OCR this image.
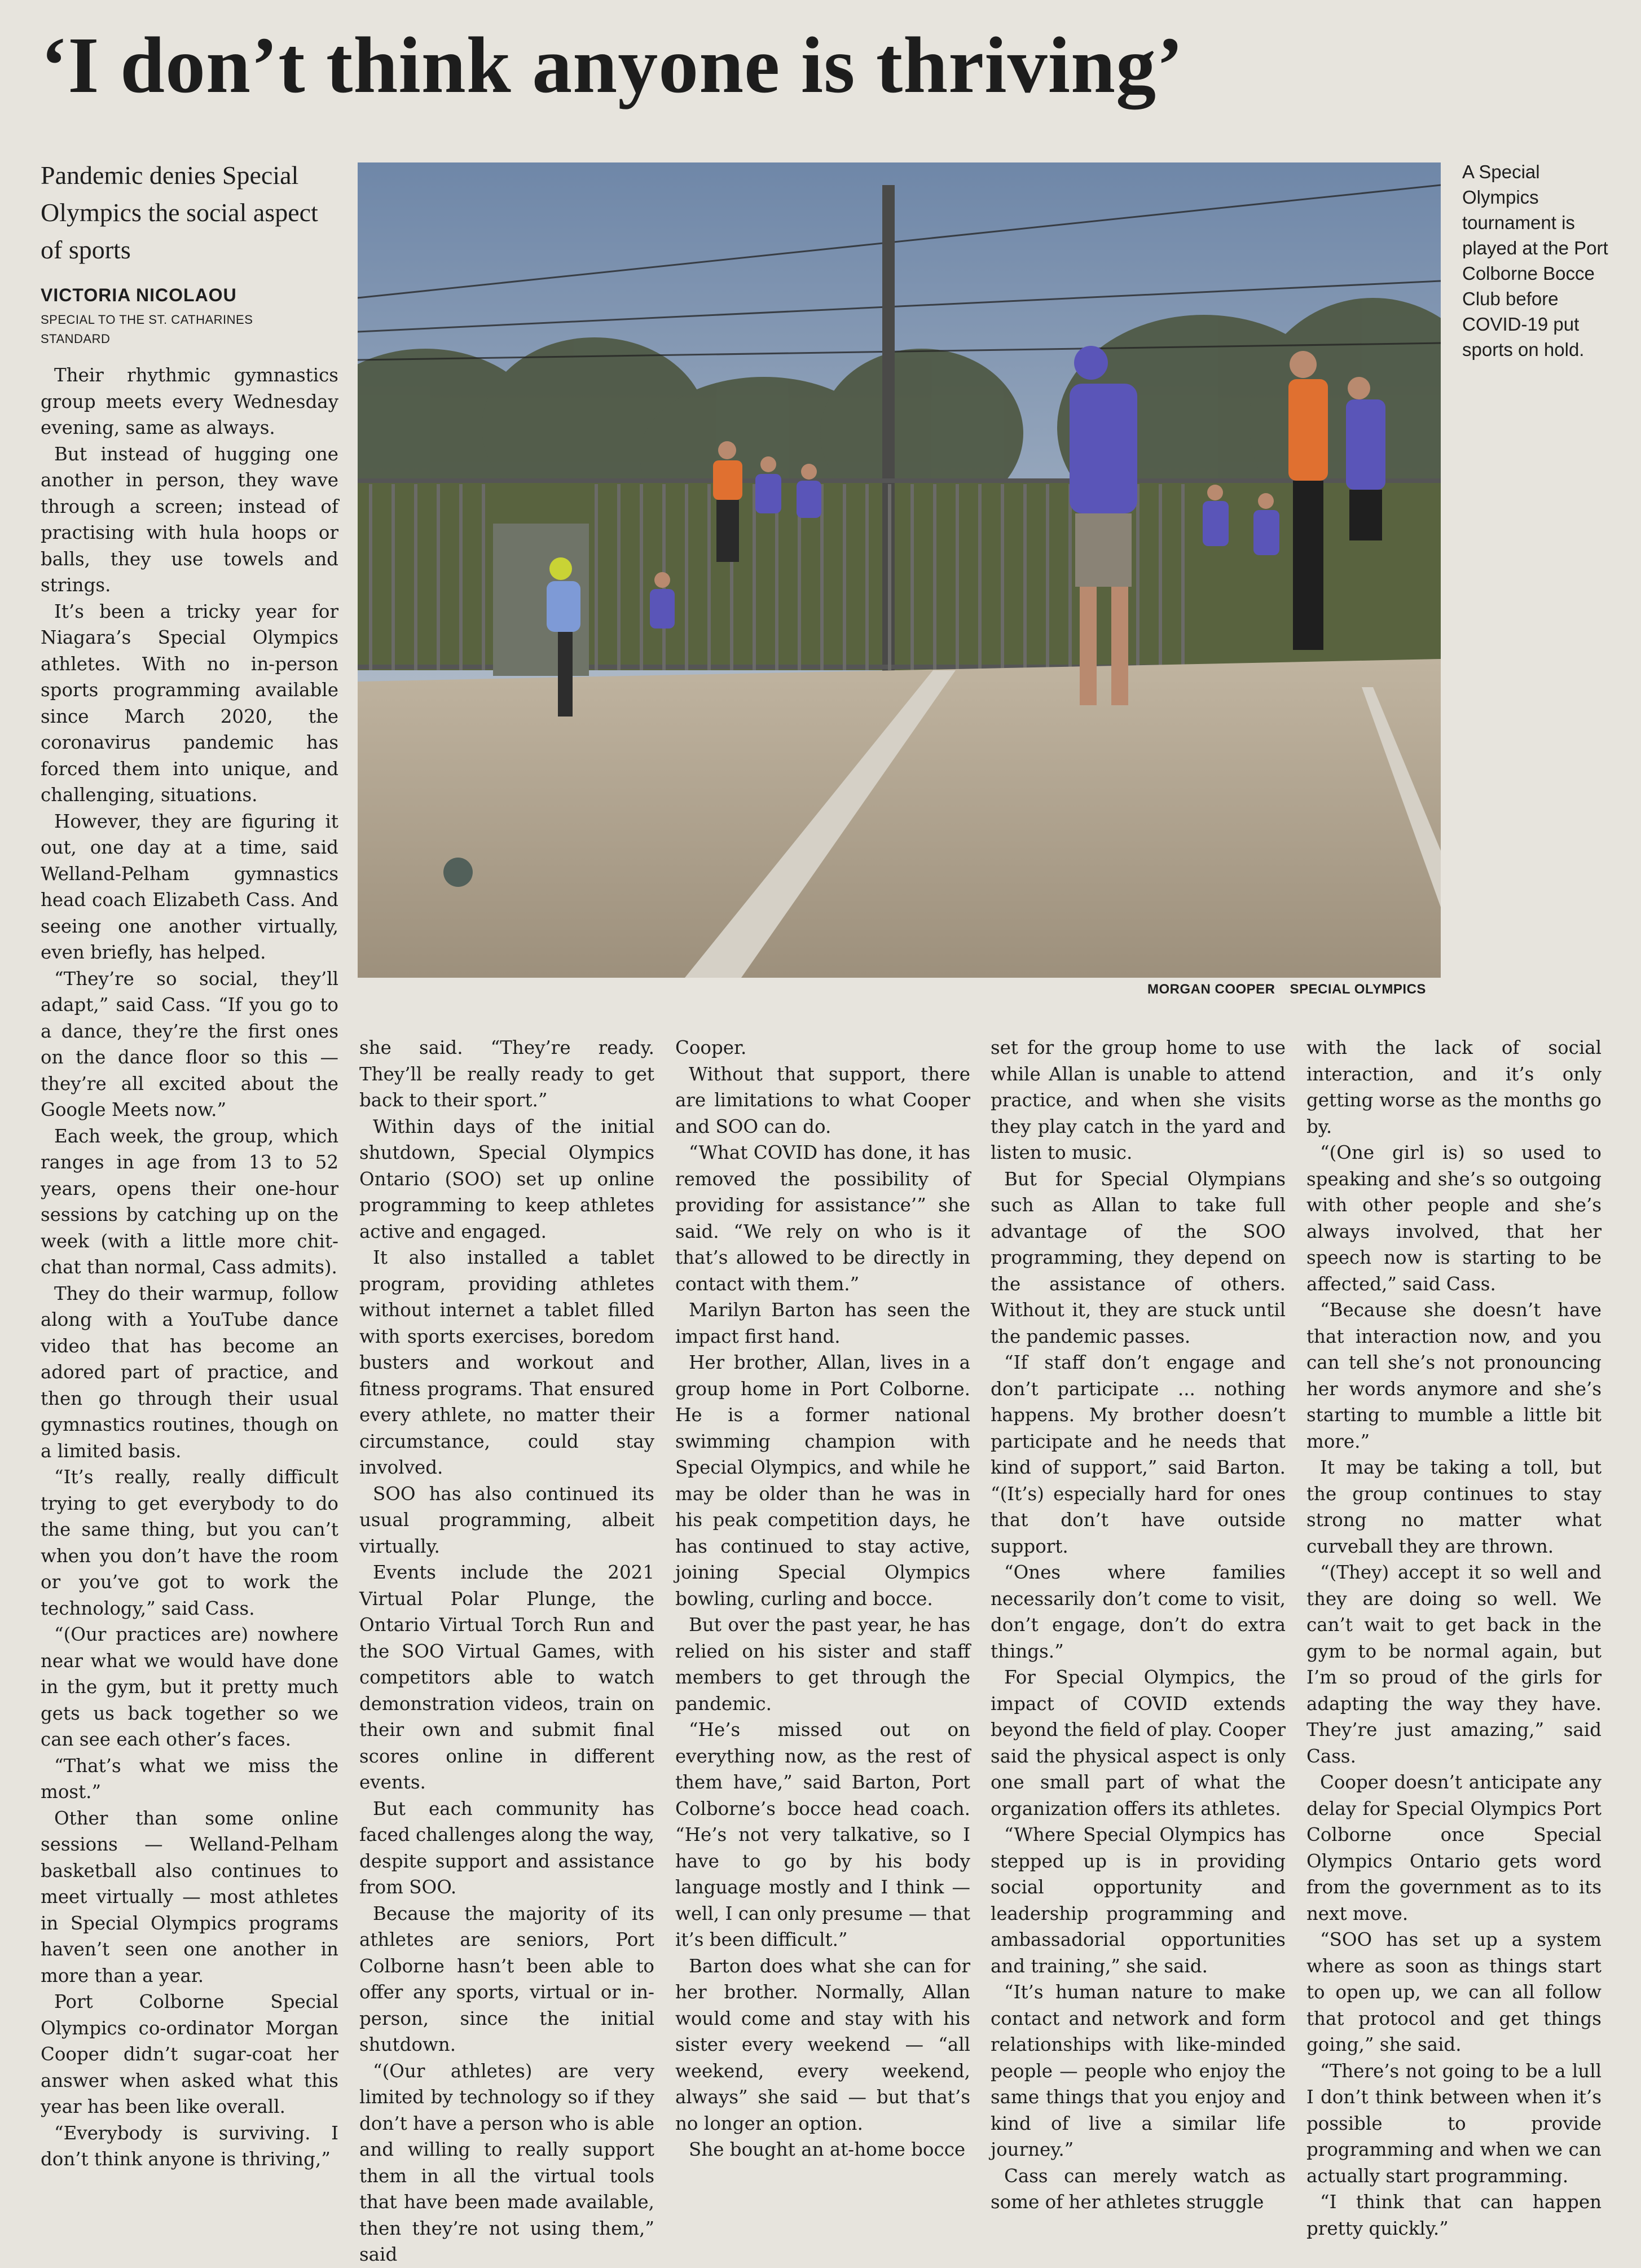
‘I don’t think anyone is thriving’
Pandemic denies Special Olympics the social aspect of sports
VICTORIA NICOLAOU
SPECIAL TO THE ST. CATHARINES STANDARD
A Special Olympics tournament is played at the Port Colborne Bocce Club before COVID-19 put sports on hold.
MORGAN COOPER SPECIAL OLYMPICS

Their rhythmic gymnastics group meets every Wednesday evening, same as always.

But instead of hugging one another in person, they wave through a screen; instead of practising with hula hoops or balls, they use towels and strings.

It’s been a tricky year for Niagara’s Special Olympics athletes. With no in-person sports programming available since March 2020, the coronavirus pandemic has forced them into unique, and challenging, situations.

However, they are figuring it out, one day at a time, said Welland-Pelham gymnastics head coach Elizabeth Cass. And seeing one another virtually, even briefly, has helped.

“They’re so social, they’ll adapt,” said Cass. “If you go to a dance, they’re the first ones on the dance floor so this — they’re all excited about the Google Meets now.”

Each week, the group, which ranges in age from 13 to 52 years, opens their one-hour sessions by catching up on the week (with a little more chit-chat than normal, Cass admits).

They do their warmup, follow along with a YouTube dance video that has become an adored part of practice, and then go through their usual gymnastics routines, though on a limited basis.

“It’s really, really difficult trying to get everybody to do the same thing, but you can’t when you don’t have the room or you’ve got to work the technology,” said Cass.

“(Our practices are) nowhere near what we would have done in the gym, but it pretty much gets us back together so we can see each other’s faces.

“That’s what we miss the most.”

Other than some online sessions — Welland-Pelham basketball also continues to meet virtually — most athletes in Special Olympics programs haven’t seen one another in more than a year.

Port Colborne Special Olympics co-ordinator Morgan Cooper didn’t sugar-coat her answer when asked what this year has been like overall.

“Everybody is surviving. I don’t think anyone is thriving,”

she said. “They’re ready. They’ll be really ready to get back to their sport.”

Within days of the initial shutdown, Special Olympics Ontario (SOO) set up online programming to keep athletes active and engaged.

It also installed a tablet program, providing athletes without internet a tablet filled with sports exercises, boredom busters and workout and fitness programs. That ensured every athlete, no matter their circumstance, could stay involved.

SOO has also continued its usual programming, albeit virtually.

Events include the 2021 Virtual Polar Plunge, the Ontario Virtual Torch Run and the SOO Virtual Games, with competitors able to watch demonstration videos, train on their own and submit final scores online in different events.

But each community has faced challenges along the way, despite support and assistance from SOO.

Because the majority of its athletes are seniors, Port Colborne hasn’t been able to offer any sports, virtual or in-person, since the initial shutdown.

“(Our athletes) are very limited by technology so if they don’t have a person who is able and willing to really support them in all the virtual tools that have been made available, then they’re not using them,” said

Cooper.

Without that support, there are limitations to what Cooper and SOO can do.

“What COVID has done, it has removed the possibility of providing for assistance’” she said. “We rely on who is it that’s allowed to be directly in contact with them.”

Marilyn Barton has seen the impact first hand.

Her brother, Allan, lives in a group home in Port Colborne. He is a former national swimming champion with Special Olympics, and while he may be older than he was in his peak competition days, he has continued to stay active, joining Special Olympics bowling, curling and bocce.

But over the past year, he has relied on his sister and staff members to get through the pandemic.

“He’s missed out on everything now, as the rest of them have,” said Barton, Port Colborne’s bocce head coach. “He’s not very talkative, so I have to go by his body language mostly and I think — well, I can only presume — that it’s been difficult.”

Barton does what she can for her brother. Normally, Allan would come and stay with his sister every weekend — “all weekend, every weekend, always” she said — but that’s no longer an option.

She bought an at-home bocce

set for the group home to use while Allan is unable to attend practice, and when she visits they play catch in the yard and listen to music.

But for Special Olympians such as Allan to take full advantage of the SOO programming, they depend on the assistance of others. Without it, they are stuck until the pandemic passes.

“If staff don’t engage and don’t participate ... nothing happens. My brother doesn’t participate and he needs that kind of support,” said Barton. “(It’s) especially hard for ones that don’t have outside support.

“Ones where families necessarily don’t come to visit, don’t engage, don’t do extra things.”

For Special Olympics, the impact of COVID extends beyond the field of play. Cooper said the physical aspect is only one small part of what the organization offers its athletes.

“Where Special Olympics has stepped up is in providing social opportunity and leadership programming and ambassadorial opportunities and training,” she said.

“It’s human nature to make contact and network and form relationships with like-minded people — people who enjoy the same things that you enjoy and kind of live a similar life journey.”

Cass can merely watch as some of her athletes struggle

with the lack of social interaction, and it’s only getting worse as the months go by.

“(One girl is) so used to speaking and she’s so outgoing with other people and she’s always involved, that her speech now is starting to be affected,” said Cass.

“Because she doesn’t have that interaction now, and you can tell she’s not pronouncing her words anymore and she’s starting to mumble a little bit more.”

It may be taking a toll, but the group continues to stay strong no matter what curveball they are thrown.

“(They) accept it so well and they are doing so well. We can’t wait to get back in the gym to be normal again, but I’m so proud of the girls for adapting the way they have. They’re just amazing,” said Cass.

Cooper doesn’t anticipate any delay for Special Olympics Port Colborne once Special Olympics Ontario gets word from the government as to its next move.

“SOO has set up a system where as soon as things start to open up, we can all follow that protocol and get things going,” she said.

“There’s not going to be a lull I don’t think between when it’s possible to provide programming and when we can actually start programming.

“I think that can happen pretty quickly.”
